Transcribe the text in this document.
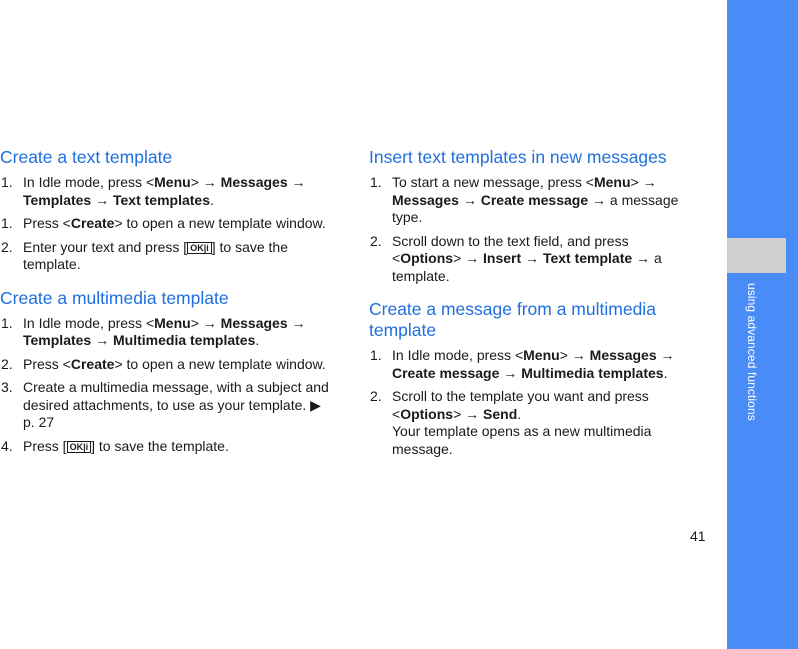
using advanced functions
41
Create a text template
1. In Idle mode, press <Menu> → Messages → Templates → Text templates.
1. Press <Create> to open a new template window.
2. Enter your text and press [ OK|i ] to save the template.
Create a multimedia template
1. In Idle mode, press <Menu> → Messages → Templates → Multimedia templates.
2. Press <Create> to open a new template window.
3. Create a multimedia message, with a subject and desired attachments, to use as your template. ▶ p. 27
4. Press [ OK|i ] to save the template.
Insert text templates in new messages
1. To start a new message, press <Menu> → Messages → Create message → a message type.
2. Scroll down to the text field, and press <Options> → Insert → Text template → a template.
Create a message from a multimedia template
1. In Idle mode, press <Menu> → Messages → Create message → Multimedia templates.
2. Scroll to the template you want and press <Options> → Send.
Your template opens as a new multimedia message.
